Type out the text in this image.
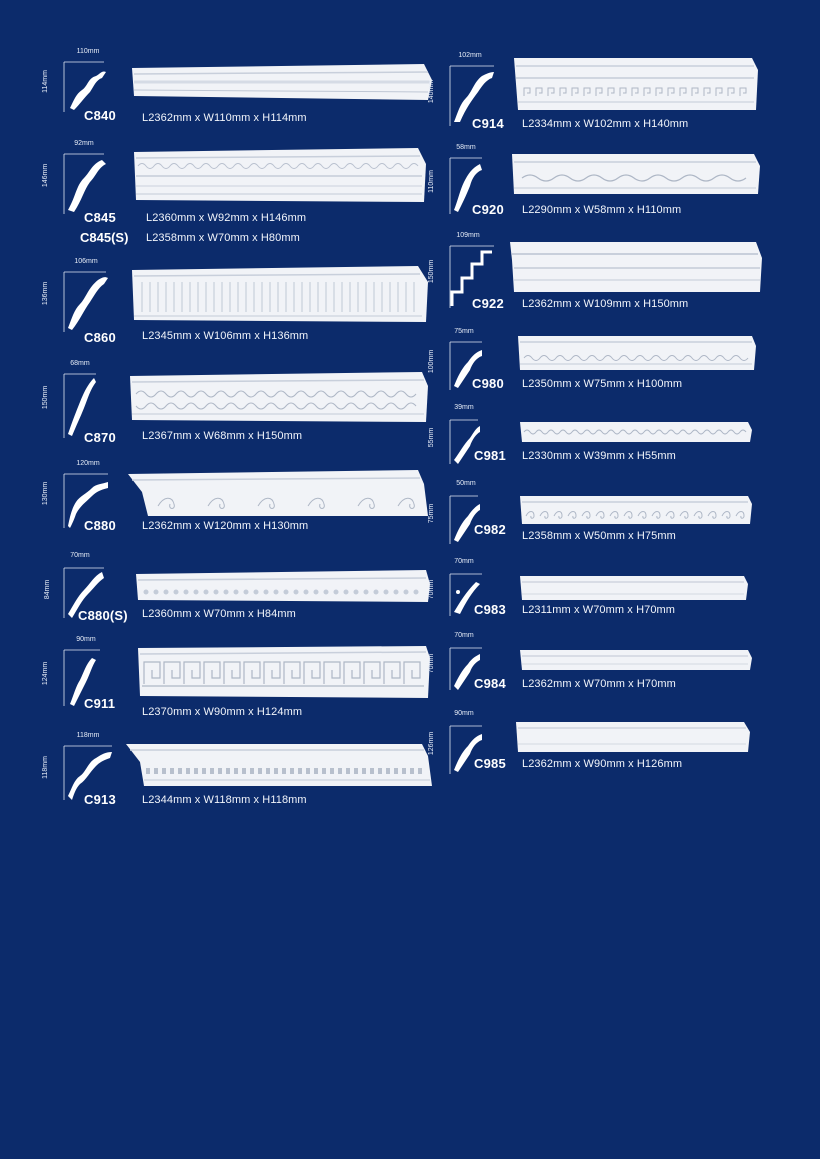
110mm
114mm
C840 L2362mm x W110mm x H114mm
92mm
146mm
C845
C845(S)
L2360mm x W92mm x H146mm
L2358mm x W70mm x H80mm
106mm
136mm
C860 L2345mm x W106mm x H136mm
68mm
150mm
C870 L2367mm x W68mm x H150mm
120mm
130mm
C880 L2362mm x W120mm x H130mm
70mm
84mm
C880(S) L2360mm x W70mm x H84mm
90mm
124mm
C911
L2370mm x W90mm x H124mm
118mm
118mm
C913 L2344mm x W118mm x H118mm
102mm
140mm
C914 L2334mm x W102mm x H140mm
58mm
110mm
C920 L2290mm x W58mm x H110mm
109mm
150mm
C922 L2362mm x W109mm x H150mm
75mm
100mm
C980 L2350mm x W75mm x H100mm
39mm
55mm
C981 L2330mm x W39mm x H55mm
50mm
75mm
C982 L2358mm x W50mm x H75mm
70mm
70mm
C983 L2311mm x W70mm x H70mm
70mm
70mm
C984 L2362mm x W70mm x H70mm
90mm
126mm
C985 L2362mm x W90mm x H126mm
